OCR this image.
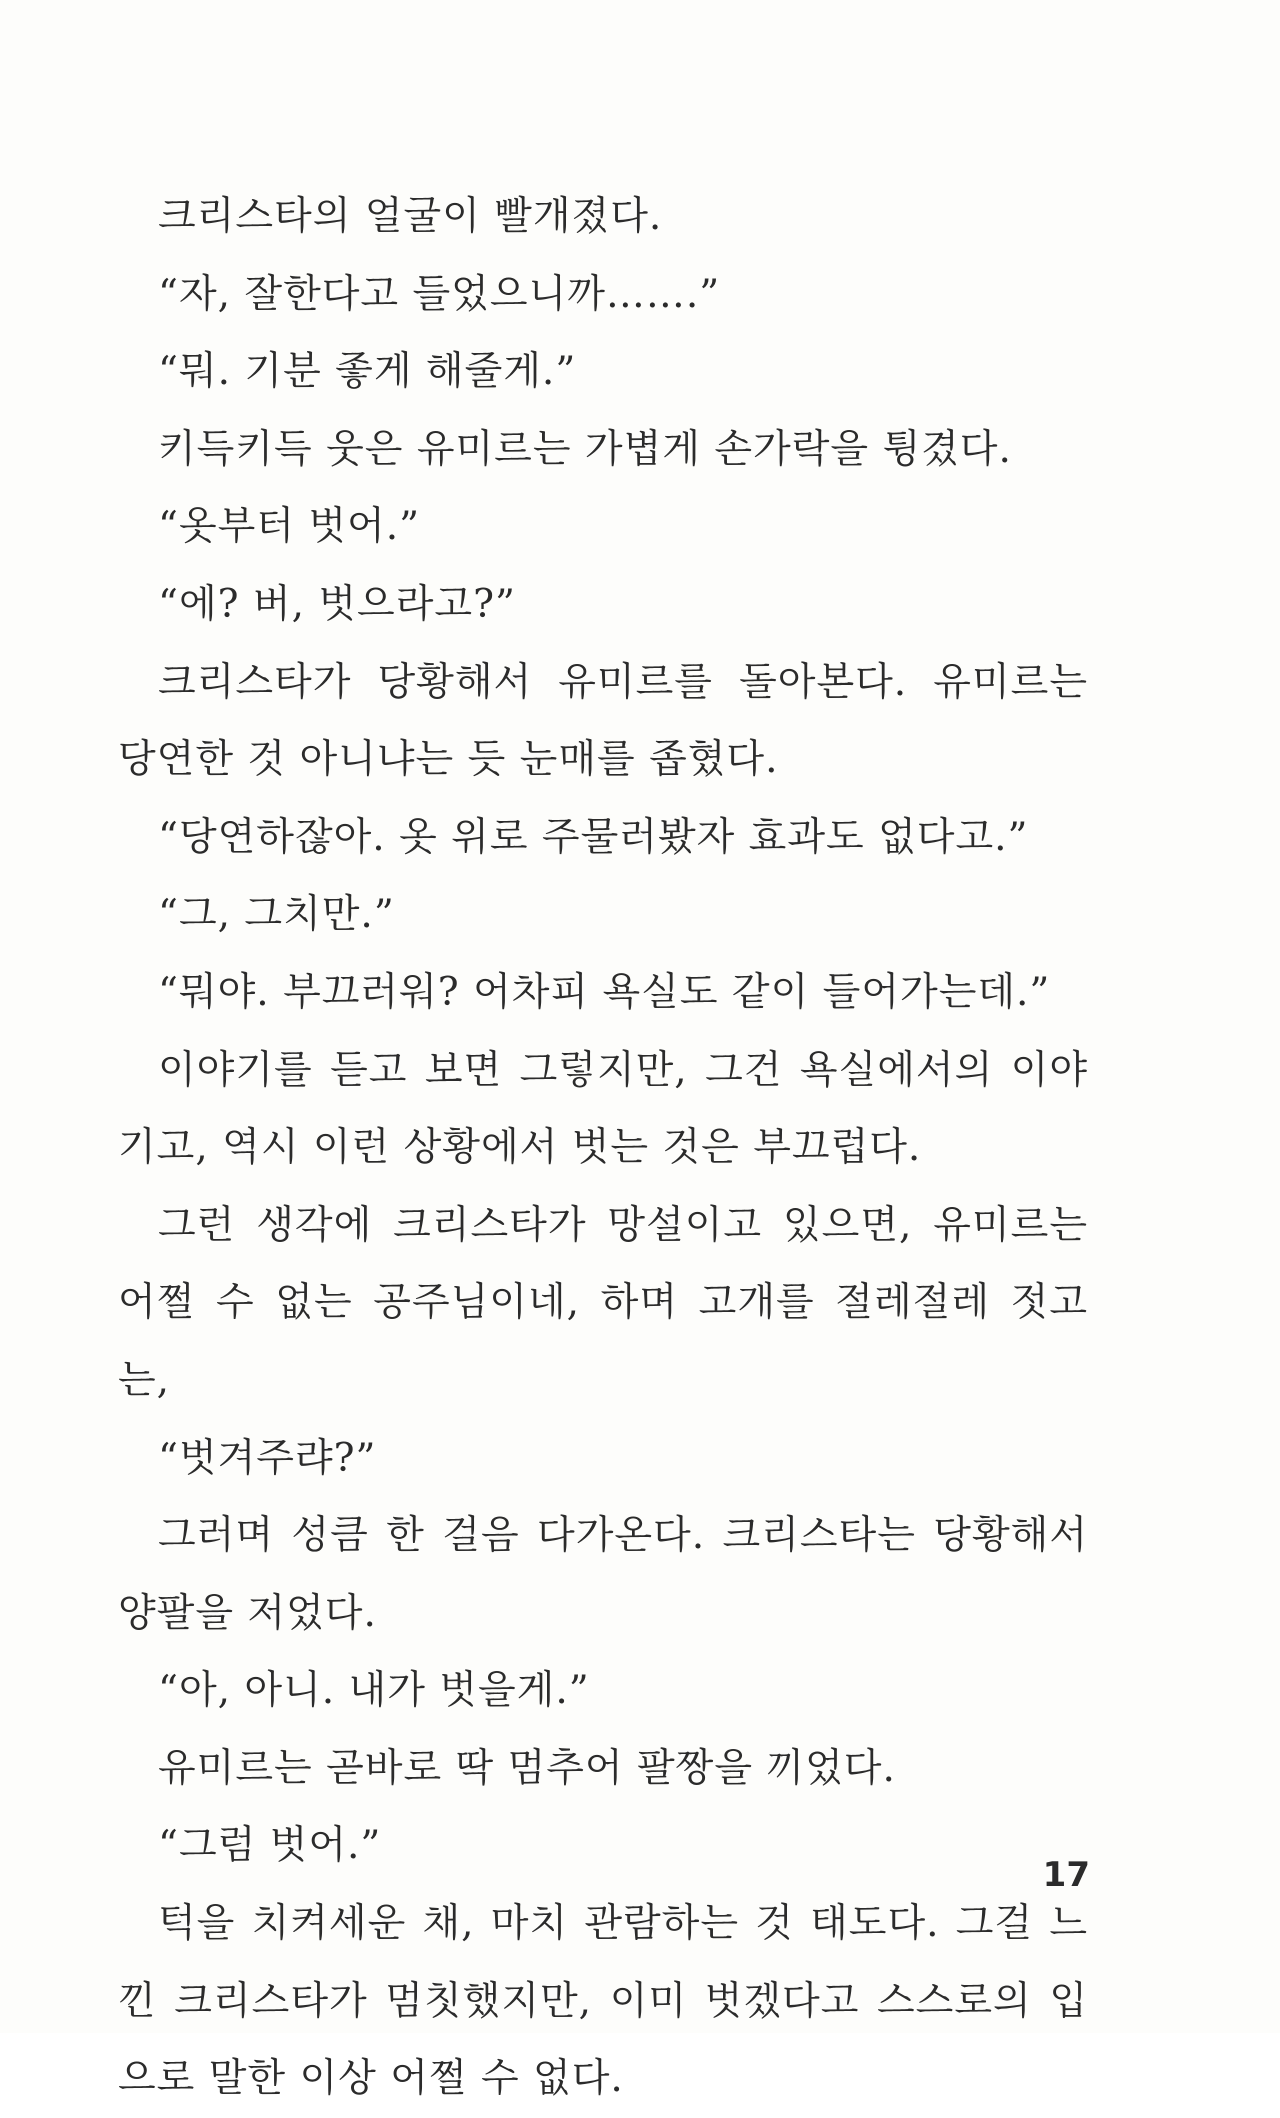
크리스타의 얼굴이 빨개졌다.

“자, 잘한다고 들었으니까…….”

“뭐. 기분 좋게 해줄게.”

키득키득 웃은 유미르는 가볍게 손가락을 튕겼다.

“옷부터 벗어.”

“에? 버, 벗으라고?”

크리스타가 당황해서 유미르를 돌아본다. 유미르는 당연한 것 아니냐는 듯 눈매를 좁혔다.

“당연하잖아. 옷 위로 주물러봤자 효과도 없다고.”

“그, 그치만.”

“뭐야. 부끄러워? 어차피 욕실도 같이 들어가는데.”

이야기를 듣고 보면 그렇지만, 그건 욕실에서의 이야기고, 역시 이런 상황에서 벗는 것은 부끄럽다.

그런 생각에 크리스타가 망설이고 있으면, 유미르는 어쩔 수 없는 공주님이네, 하며 고개를 절레절레 젓고는,

“벗겨주랴?”

그러며 성큼 한 걸음 다가온다. 크리스타는 당황해서 양팔을 저었다.

“아, 아니. 내가 벗을게.”

유미르는 곧바로 딱 멈추어 팔짱을 끼었다.

“그럼 벗어.”

턱을 치켜세운 채, 마치 관람하는 것 태도다. 그걸 느낀 크리스타가 멈칫했지만, 이미 벗겠다고 스스로의 입으로 말한 이상 어쩔 수 없다.

17
